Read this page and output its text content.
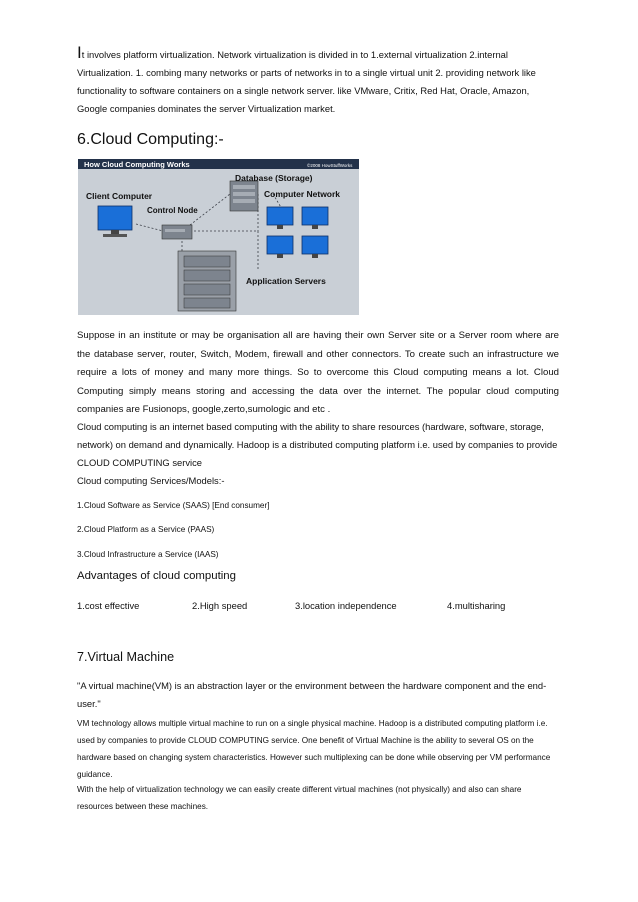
It involves platform virtualization. Network virtualization is divided in to 1.external virtualization 2.internal Virtualization. 1. combing many networks or parts of networks in to a single virtual unit 2. providing network like functionality to software containers on a single network server. like VMware, Critix, Red Hat, Oracle, Amazon, Google companies dominates the server Virtualization market.

6.Cloud Computing:-
How Cloud Computing Works	©2008 HowStuffWorks
Database (Storage)
Computer Network
Client Computer
Control Node
Application Servers

Suppose in an institute or may be organisation all are having their own Server site or a Server room where are the database server, router, Switch, Modem, firewall and other connectors. To create such an infrastructure we require a lots of money and many more things. So to overcome this Cloud computing means a lot. Cloud Computing simply means storing and accessing the data over the internet. The popular cloud computing companies are Fusionops, google,zerto,sumologic and etc .

Cloud computing is an internet based computing with the ability to share resources (hardware, software, storage, network) on demand and dynamically. Hadoop is a distributed computing platform i.e. used by companies to provide CLOUD COMPUTING service

Cloud computing Services/Models:-

1.Cloud Software as Service (SAAS) [End consumer]

2.Cloud Platform as a Service (PAAS)

3.Cloud Infrastructure a Service (IAAS)

Advantages of cloud computing
1.cost effective	2.High speed	3.location independence	4.multisharing
7.Virtual Machine

"A virtual machine(VM) is an abstraction layer or the environment between the hardware component and the end-user."

VM technology allows multiple virtual machine to run on a single physical machine. Hadoop is a distributed computing platform i.e. used by companies to provide CLOUD COMPUTING service. One benefit of Virtual Machine is the ability to several OS on the hardware based on changing system characteristics. However such multiplexing can be done while observing per VM performance guidance.

With the help of virtualization technology we can easily create different virtual machines (not physically) and also can share resources between these machines.
